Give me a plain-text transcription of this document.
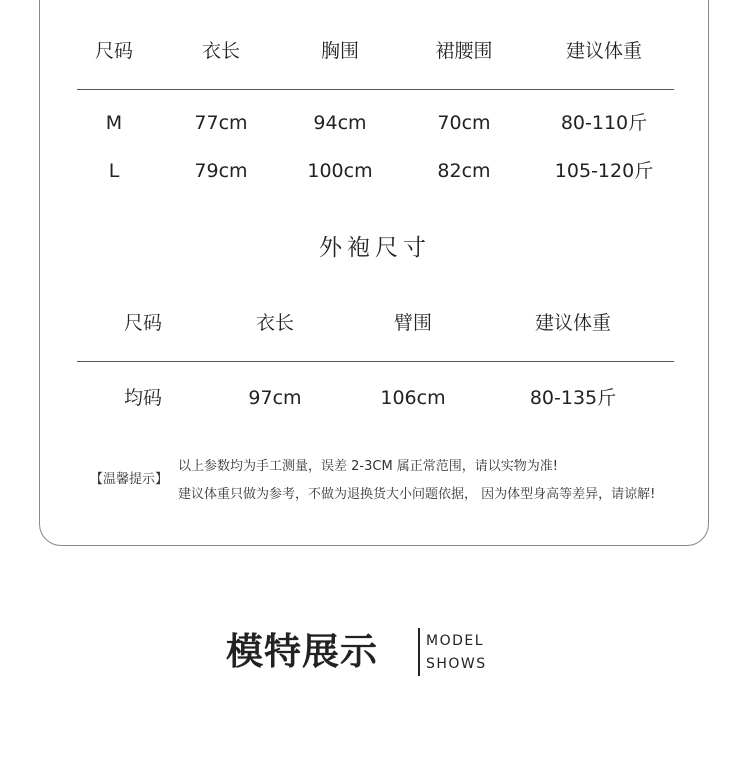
尺码	衣长	胸围	裙腰围	建议体重
M	77cm	94cm	70cm	80-110斤
L	79cm	100cm	82cm	105-120斤
外袍尺寸
尺码	衣长	臂围	建议体重
均码	97cm	106cm	80-135斤
【温馨提示】
以上参数均为手工测量，误差 2-3CM 属正常范围，请以实物为准!
建议体重只做为参考，不做为退换货大小问题依据， 因为体型身高等差异，请谅解!
模特展示	MODEL
SHOWS
